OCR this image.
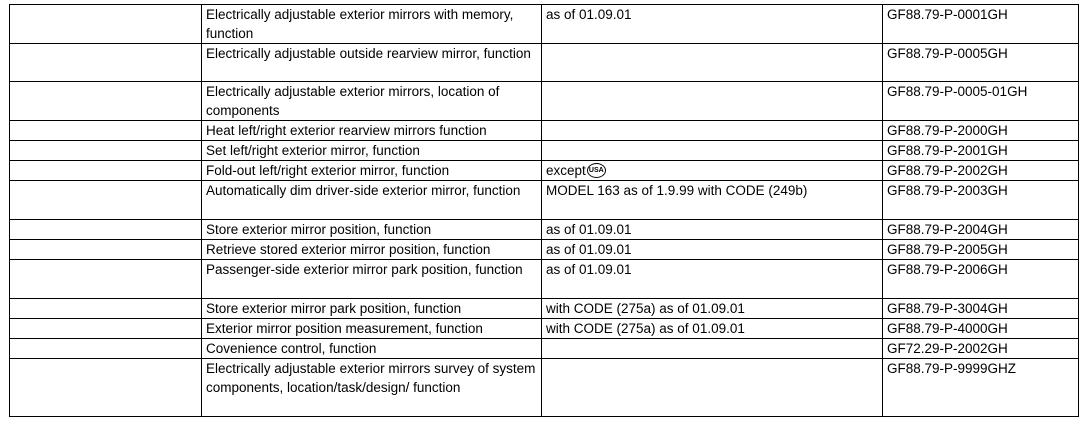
	Electrically adjustable exterior mirrors with memory, function	as of 01.09.01	GF88.79-P-0001GH
	Electrically adjustable outside rearview mirror, function		GF88.79-P-0005GH
	Electrically adjustable exterior mirrors, location of components		GF88.79-P-0005-01GH
	Heat left/right exterior rearview mirrors function		GF88.79-P-2000GH
	Set left/right exterior mirror, function		GF88.79-P-2001GH
	Fold-out left/right exterior mirror, function	except USA	GF88.79-P-2002GH
	Automatically dim driver-side exterior mirror, function	MODEL 163 as of 1.9.99 with CODE (249b)	GF88.79-P-2003GH
	Store exterior mirror position, function	as of 01.09.01	GF88.79-P-2004GH
	Retrieve stored exterior mirror position, function	as of 01.09.01	GF88.79-P-2005GH
	Passenger-side exterior mirror park position, function	as of 01.09.01	GF88.79-P-2006GH
	Store exterior mirror park position, function	with CODE (275a) as of 01.09.01	GF88.79-P-3004GH
	Exterior mirror position measurement, function	with CODE (275a) as of 01.09.01	GF88.79-P-4000GH
	Covenience control, function		GF72.29-P-2002GH
	Electrically adjustable exterior mirrors survey of system components, location/task/design/ function		GF88.79-P-9999GHZ
